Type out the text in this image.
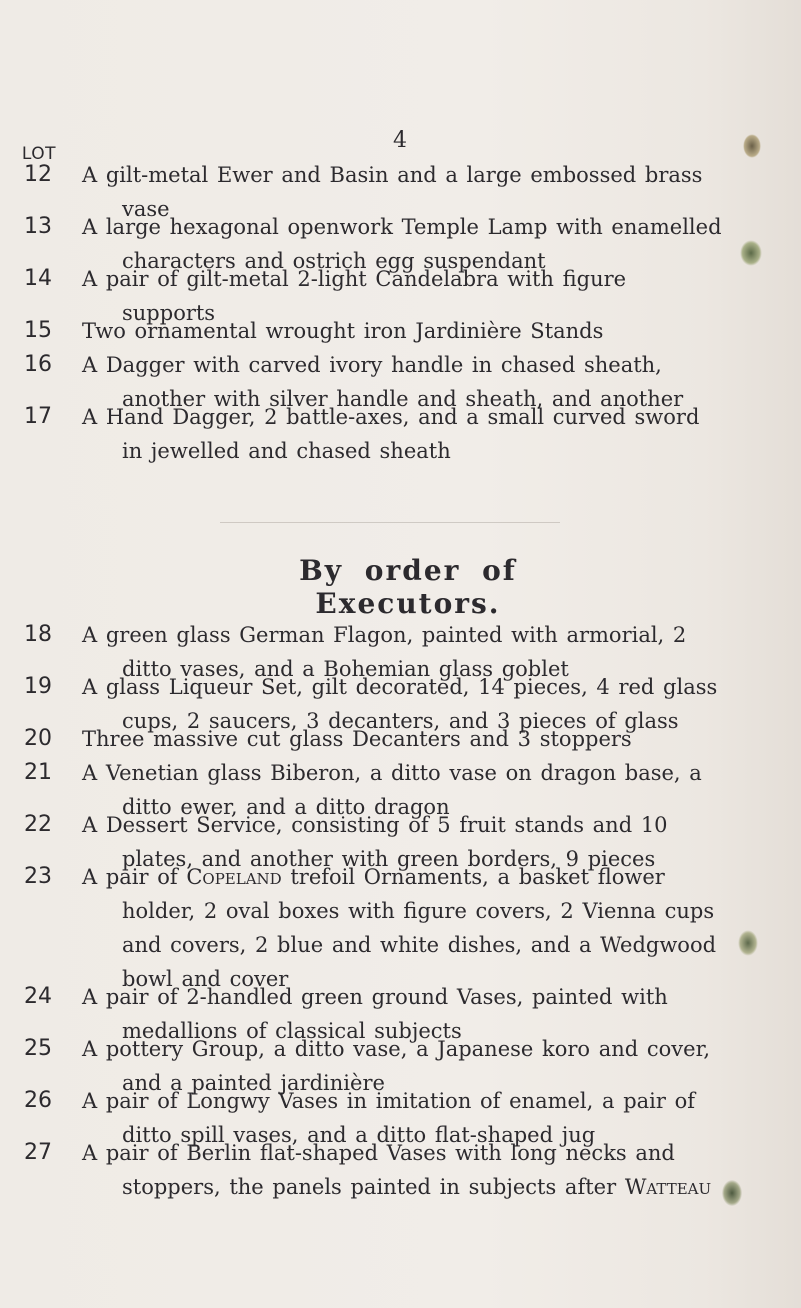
4
LOT
12	A gilt-metal Ewer and Basin and a large embossed brass
vase
13	A large hexagonal openwork Temple Lamp with enamelled
characters and ostrich egg suspendant
14	A pair of gilt-metal 2-light Candelabra with figure
supports
15	Two ornamental wrought iron Jardinière Stands
16	A Dagger with carved ivory handle in chased sheath,
another with silver handle and sheath, and another
17	A Hand Dagger, 2 battle-axes, and a small curved sword
in jewelled and chased sheath
By order of Executors.
18	A green glass German Flagon, painted with armorial, 2
ditto vases, and a Bohemian glass goblet
19	A glass Liqueur Set, gilt decorated, 14 pieces, 4 red glass
cups, 2 saucers, 3 decanters, and 3 pieces of glass
20	Three massive cut glass Decanters and 3 stoppers
21	A Venetian glass Biberon, a ditto vase on dragon base, a
ditto ewer, and a ditto dragon
22	A Dessert Service, consisting of 5 fruit stands and 10
plates, and another with green borders, 9 pieces
23	A pair of Copeland trefoil Ornaments, a basket flower
holder, 2 oval boxes with figure covers, 2 Vienna cups
and covers, 2 blue and white dishes, and a Wedgwood
bowl and cover
24	A pair of 2-handled green ground Vases, painted with
medallions of classical subjects
25	A pottery Group, a ditto vase, a Japanese koro and cover,
and a painted jardinière
26	A pair of Longwy Vases in imitation of enamel, a pair of
ditto spill vases, and a ditto flat-shaped jug
27	A pair of Berlin flat-shaped Vases with long necks and
stoppers, the panels painted in subjects after Watteau
